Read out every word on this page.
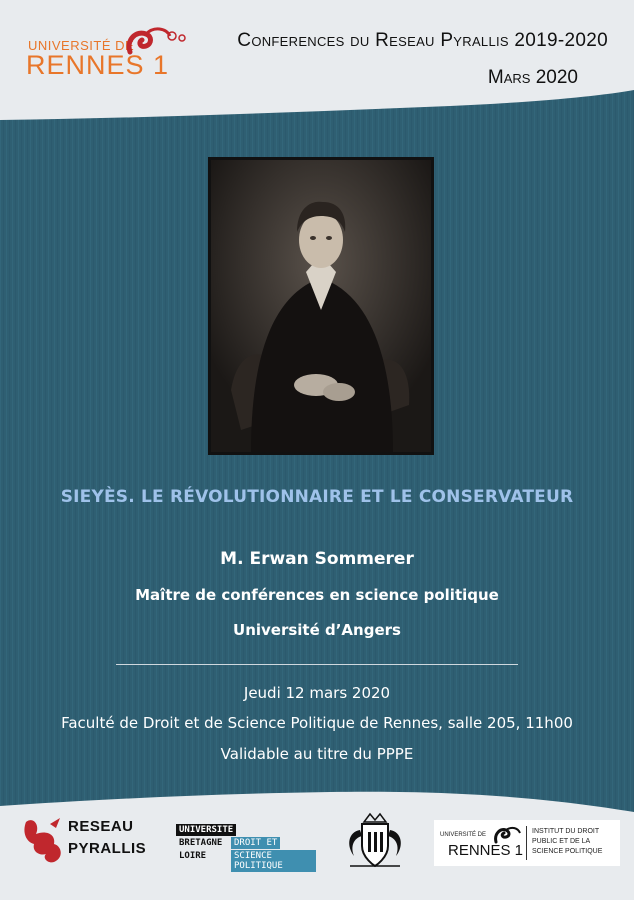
UNIVERSITÉ DE
RENNES 1
Conferences du Reseau Pyrallis 2019-2020
Mars 2020
SIEYÈS. LE RÉVOLUTIONNAIRE ET LE CONSERVATEUR
M. Erwan Sommerer
Maître de conférences en science politique
Université d’Angers
Jeudi 12 mars 2020
Faculté de Droit et de Science Politique de Rennes, salle 205, 11h00
Validable au titre du PPPE
RESEAU
PYRALLIS
UNIVERSITE
BRETAGNE
LOIRE
DROIT ET
SCIENCE POLITIQUE
UNIVERSITÉ DE
RENNES 1
INSTITUT DU DROIT PUBLIC ET DE LA SCIENCE POLITIQUE
